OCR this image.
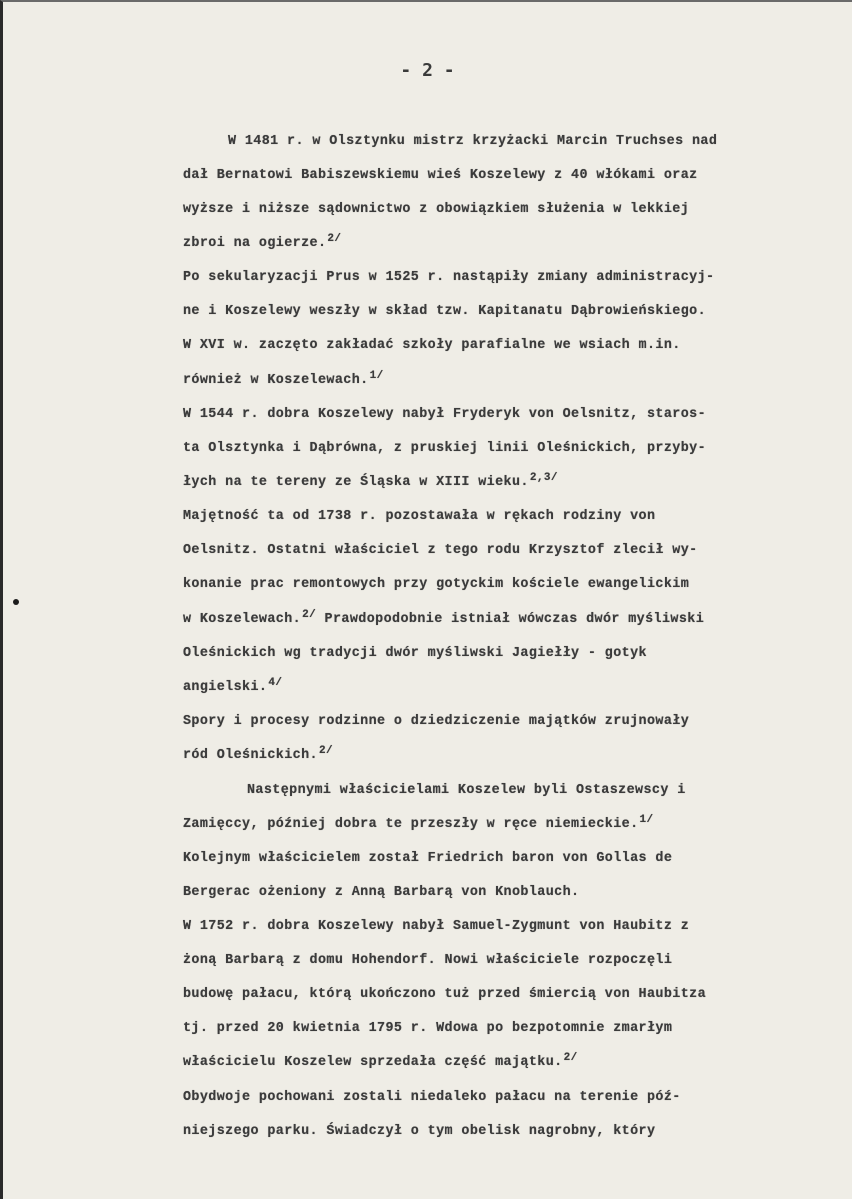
- 2 -
W 1481 r. w Olsztynku mistrz krzyżacki Marcin Truchses nad
dał Bernatowi Babiszewskiemu wieś Koszelewy z 40 włókami oraz
wyższe i niższe sądownictwo z obowiązkiem służenia w lekkiej
zbroi na ogierze.$^{2/}$
Po sekularyzacji Prus w 1525 r. nastąpiły zmiany administracyj-
ne i Koszelewy weszły w skład tzw. Kapitanatu Dąbrowieńskiego.
W XVI w. zaczęto zakładać szkoły parafialne we wsiach m.in.
również w Koszelewach.$^{1/}$
W 1544 r. dobra Koszelewy nabył Fryderyk von Oelsnitz, staros-
ta Olsztynka i Dąbrówna, z pruskiej linii Oleśnickich, przyby-
łych na te tereny ze Śląska w XIII wieku.$^{2,3/}$
Majętność ta od 1738 r. pozostawała w rękach rodziny von
Oelsnitz. Ostatni właściciel z tego rodu Krzysztof zlecił wy-
konanie prac remontowych przy gotyckim kościele ewangelickim
w Koszelewach.$^{2/}$ Prawdopodobnie istniał wówczas dwór myśliwski
Oleśnickich wg tradycji dwór myśliwski Jagiełły - gotyk
angielski.$^{4/}$
Spory i procesy rodzinne o dziedziczenie majątków zrujnowały
ród Oleśnickich.$^{2/}$
Następnymi właścicielami Koszelew byli Ostaszewscy i
Zamięccy, później dobra te przeszły w ręce niemieckie.$^{1/}$
Kolejnym właścicielem został Friedrich baron von Gollas de
Bergerac ożeniony z Anną Barbarą von Knoblauch.
W 1752 r. dobra Koszelewy nabył Samuel-Zygmunt von Haubitz z
żoną Barbarą z domu Hohendorf. Nowi właściciele rozpoczęli
budowę pałacu, którą ukończono tuż przed śmiercią von Haubitza
tj. przed 20 kwietnia 1795 r. Wdowa po bezpotomnie zmarłym
właścicielu Koszelew sprzedała część majątku.$^{2/}$
Obydwoje pochowani zostali niedaleko pałacu na terenie póź-
niejszego parku. Świadczył o tym obelisk nagrobny, który
